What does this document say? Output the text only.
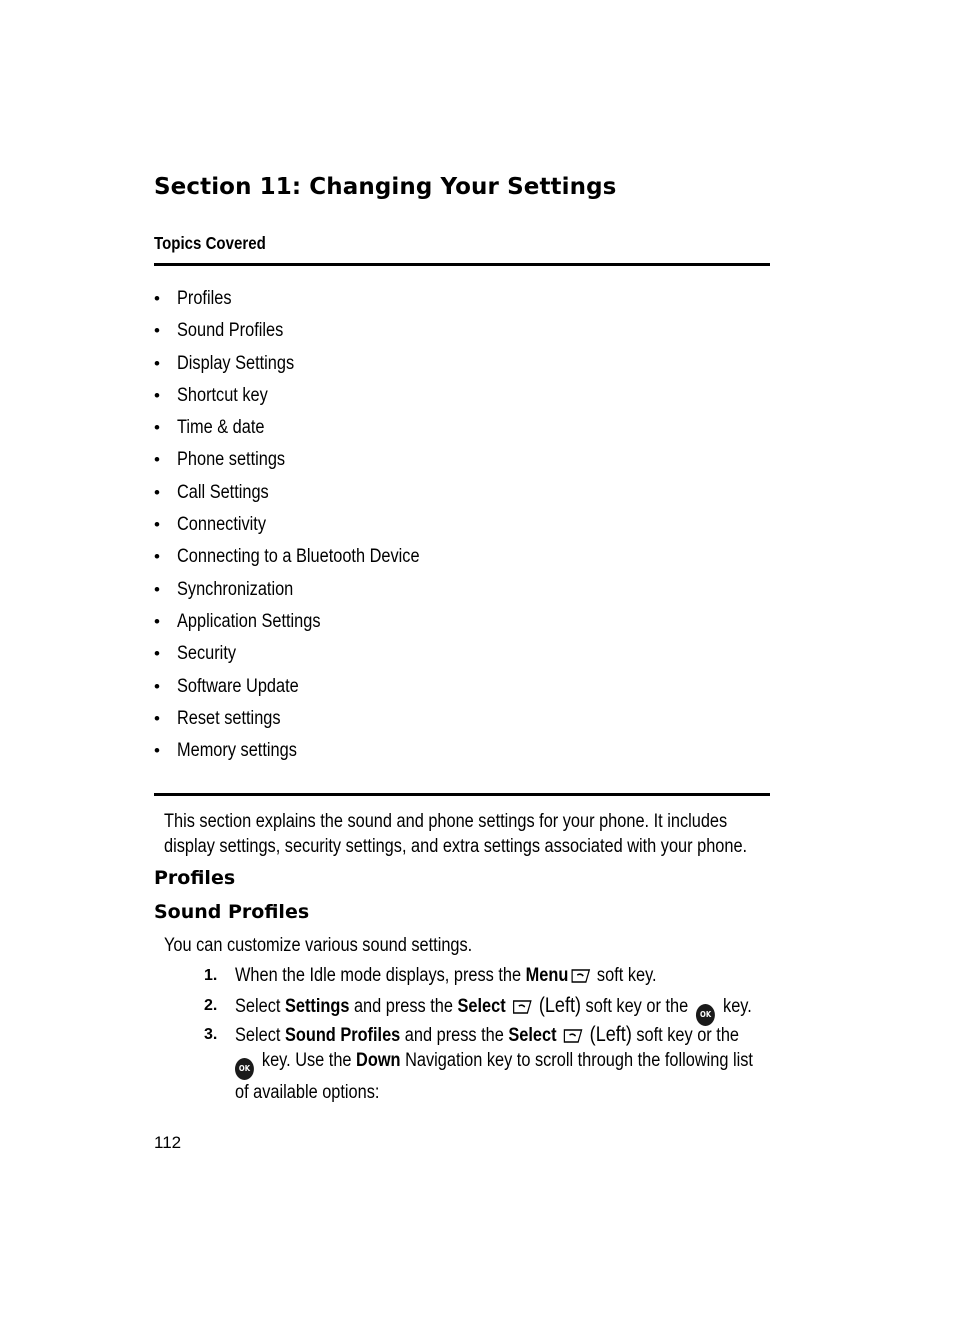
Section 11: Changing Your Settings
Topics Covered
• Profiles
• Sound Profiles
• Display Settings
• Shortcut key
• Time & date
• Phone settings
• Call Settings
• Connectivity
• Connecting to a Bluetooth Device
• Synchronization
• Application Settings
• Security
• Software Update
• Reset settings
• Memory settings
This section explains the sound and phone settings for your phone. It includes
display settings, security settings, and extra settings associated with your phone.
Profiles
Sound Profiles
You can customize various sound settings.
1. When the Idle mode displays, press the Menu soft key.
2. Select Settings and press the Select (Left) soft key or the OK key.
3. Select Sound Profiles and press the Select (Left) soft key or the
OK key. Use the Down Navigation key to scroll through the following list
of available options:
112
